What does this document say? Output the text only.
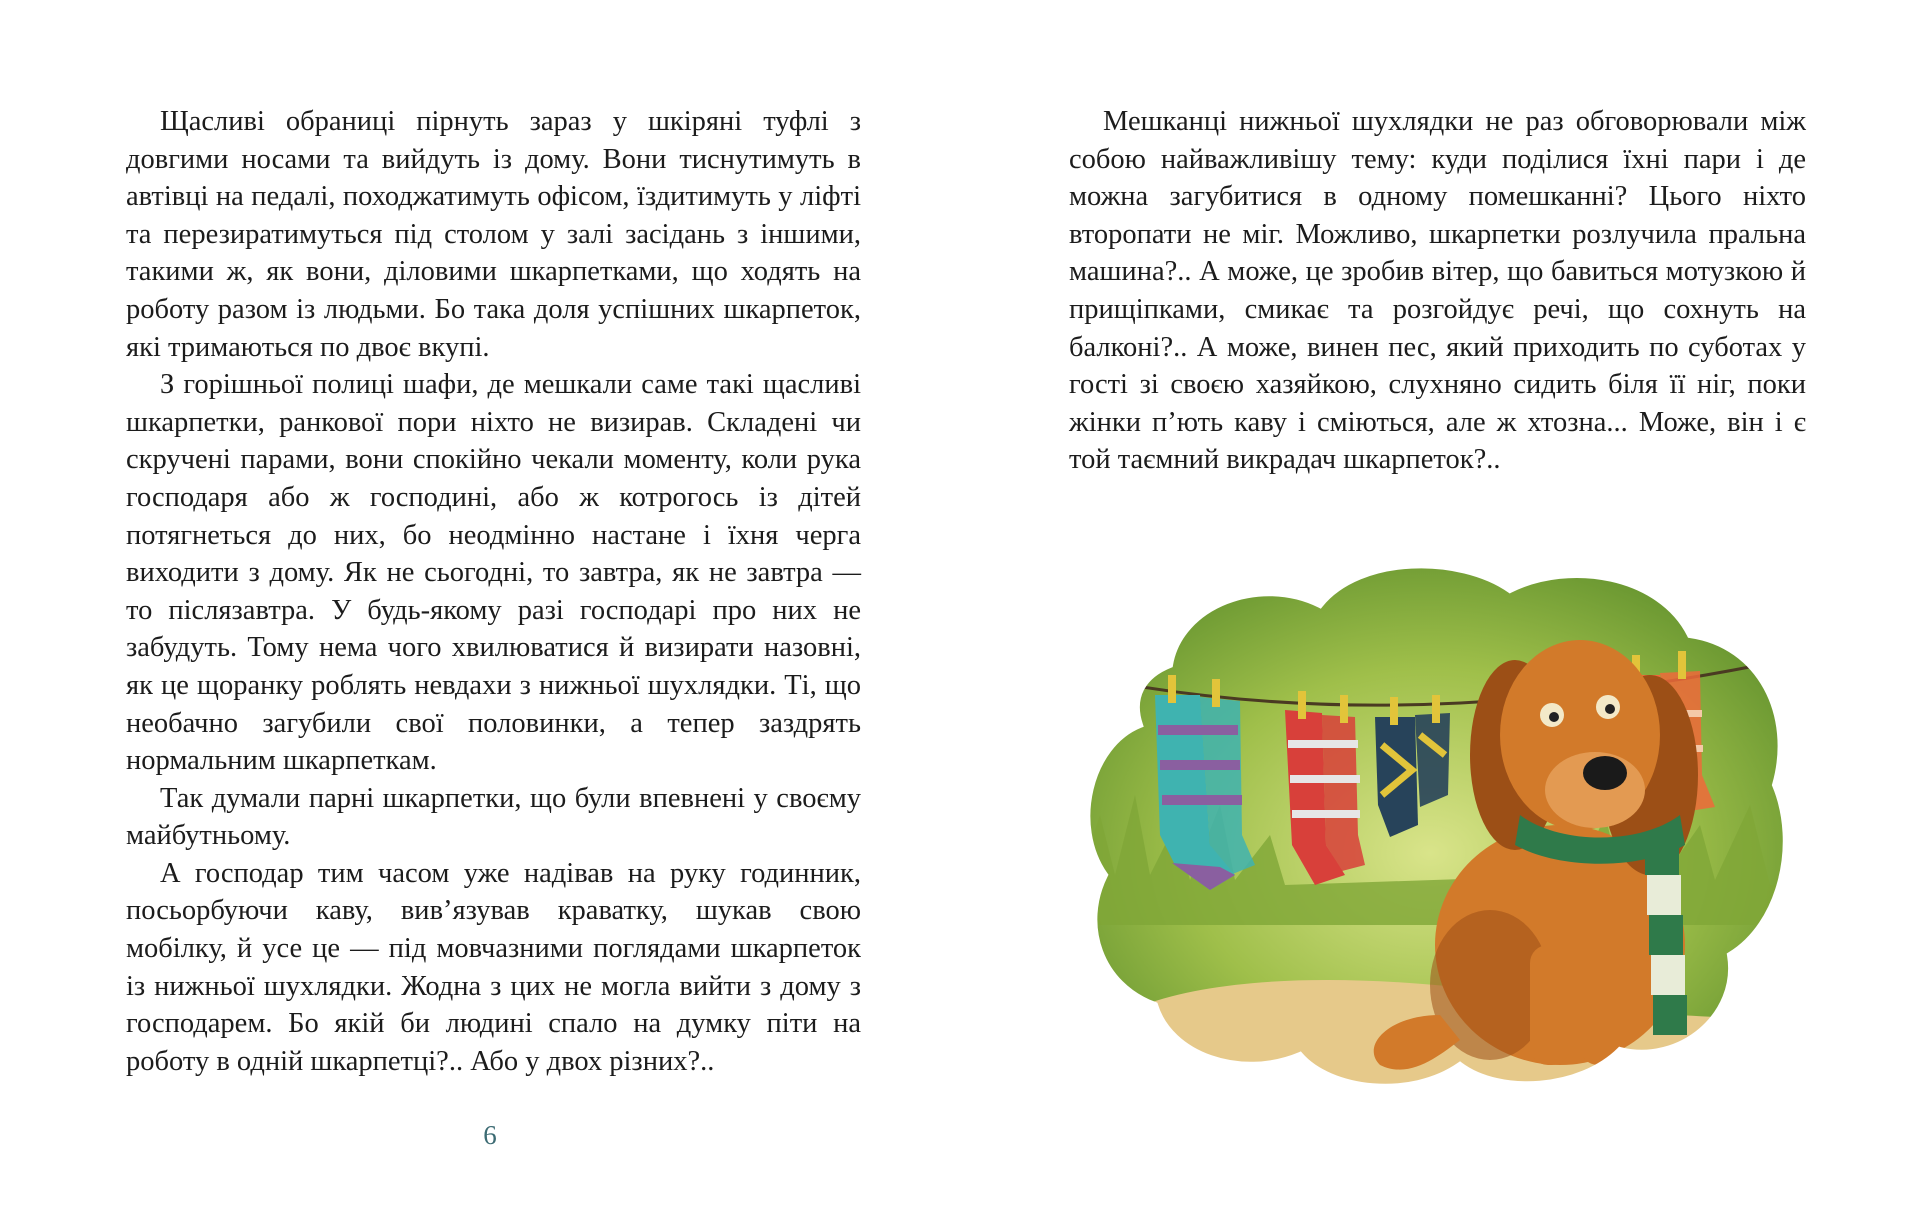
Щасливі обраниці пірнуть зараз у шкіряні туфлі з довгими носами та вийдуть із дому. Вони тиснутимуть в автівці на педалі, походжатимуть офісом, їздитимуть у ліфті та перезиратимуться під столом у залі засідань з іншими, такими ж, як вони, діловими шкарпетками, що ходять на роботу разом із людьми. Бо така доля успішних шкарпеток, які тримаються по двоє вкупі.

З горішньої полиці шафи, де мешкали саме такі щасливі шкарпетки, ранкової пори ніхто не визирав. Складені чи скручені парами, вони спокійно чекали моменту, коли рука господаря або ж господині, або ж котрогось із дітей потягнеться до них, бо неодмінно настане і їхня черга виходити з дому. Як не сьогодні, то завтра, як не завтра — то післязавтра. У будь-якому разі господарі про них не забудуть. Тому нема чого хвилюватися й визирати назовні, як це щоранку роблять невдахи з нижньої шухлядки. Ті, що необачно загубили свої половинки, а тепер заздрять нормальним шкарпеткам.

Так думали парні шкарпетки, що були впевнені у своєму майбутньому.

А господар тим часом уже надівав на руку годинник, посьорбуючи каву, вив’язував краватку, шукав свою мобілку, й усе це — під мовчазними поглядами шкарпеток із нижньої шухлядки. Жодна з цих не могла вийти з дому з господарем. Бо якій би людині спало на думку піти на роботу в одній шкарпетці?.. Або у двох різних?..

6

Мешканці нижньої шухлядки не раз обговорювали між собою найважливішу тему: куди поділися їхні пари і де можна загубитися в одному помешканні? Цього ніхто второпати не міг. Можливо, шкарпетки розлучила пральна машина?.. А може, це зробив вітер, що бавиться мотузкою й прищіпками, смикає та розгойдує речі, що сохнуть на балконі?.. А може, винен пес, який приходить по суботах у гості зі своєю хазяйкою, слухняно сидить біля її ніг, поки жінки п’ють каву і сміються, але ж хтозна... Може, він і є той таємний викрадач шкарпеток?..
